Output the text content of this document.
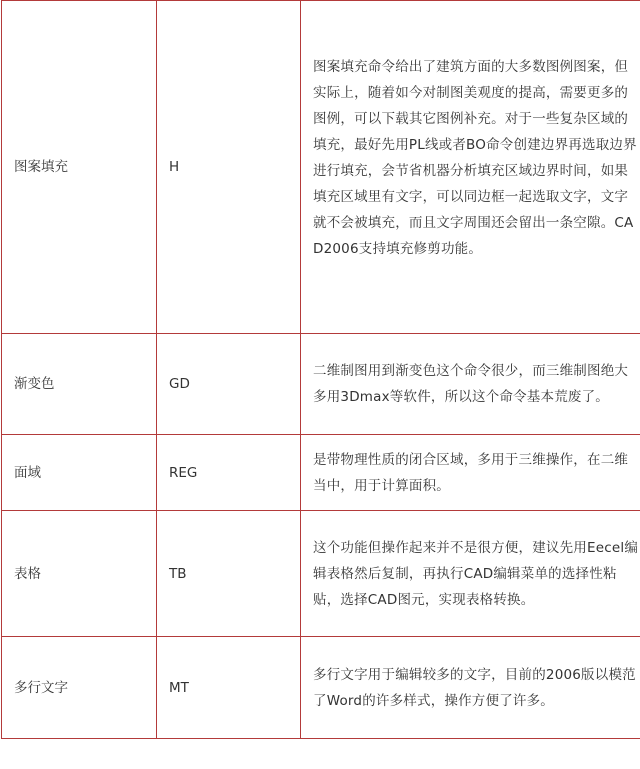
图案填充	H	图案填充命令给出了建筑方面的大多数图例图案，但实际上，随着如今对制图美观度的提高，需要更多的图例，可以下载其它图例补充。对于一些复杂区域的填充，最好先用PL线或者BO命令创建边界再选取边界进行填充，会节省机器分析填充区域边界时间，如果填充区域里有文字，可以同边框一起选取文字，文字就不会被填充，而且文字周围还会留出一条空隙。CAD2006支持填充修剪功能。

渐变色	GD	二维制图用到渐变色这个命令很少，而三维制图绝大多用3Dmax等软件，所以这个命令基本荒废了。

面域	REG	是带物理性质的闭合区域，多用于三维操作，在二维当中，用于计算面积。

表格	TB	这个功能但操作起来并不是很方便，建议先用Eecel编辑表格然后复制，再执行CAD编辑菜单的选择性粘贴，选择CAD图元，实现表格转换。

多行文字	MT	多行文字用于编辑较多的文字，目前的2006版以模范了Word的许多样式，操作方便了许多。
